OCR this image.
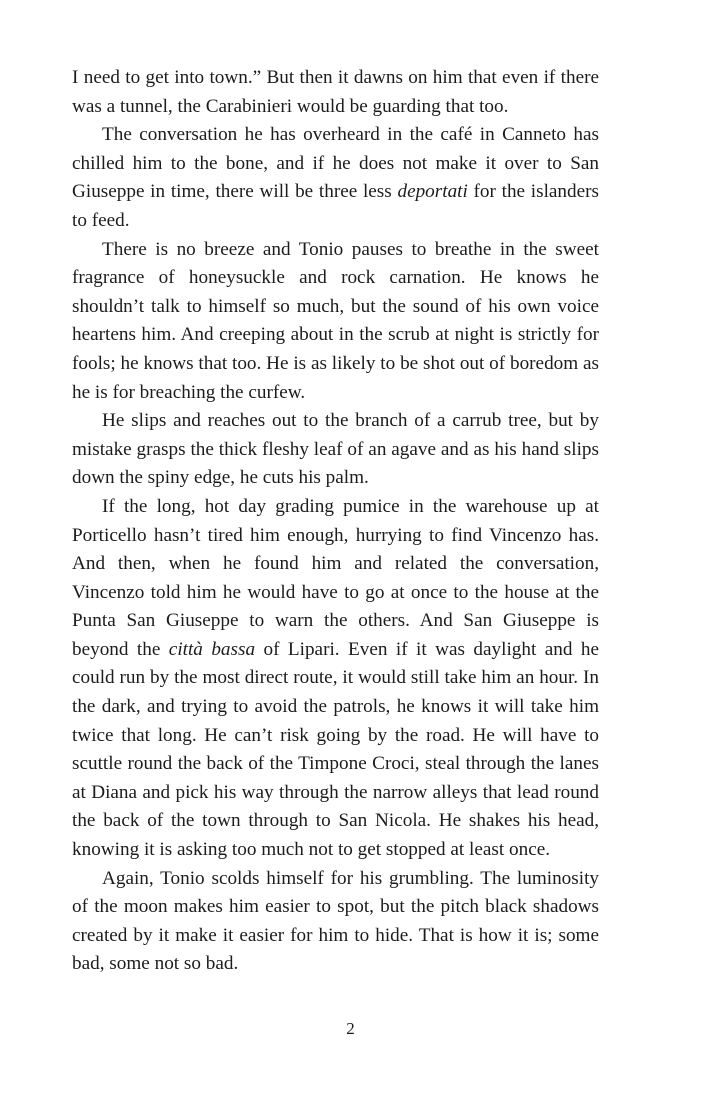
I need to get into town.” But then it dawns on him that even if there was a tunnel, the Carabinieri would be guarding that too.

The conversation he has overheard in the café in Canneto has chilled him to the bone, and if he does not make it over to San Giuseppe in time, there will be three less deportati for the islanders to feed.

There is no breeze and Tonio pauses to breathe in the sweet fragrance of honeysuckle and rock carnation. He knows he shouldn’t talk to himself so much, but the sound of his own voice heartens him. And creeping about in the scrub at night is strictly for fools; he knows that too. He is as likely to be shot out of boredom as he is for breaching the curfew.

He slips and reaches out to the branch of a carrub tree, but by mistake grasps the thick fleshy leaf of an agave and as his hand slips down the spiny edge, he cuts his palm.

If the long, hot day grading pumice in the warehouse up at Porticello hasn’t tired him enough, hurrying to find Vincenzo has. And then, when he found him and related the conversation, Vincenzo told him he would have to go at once to the house at the Punta San Giuseppe to warn the others. And San Giuseppe is beyond the città bassa of Lipari. Even if it was daylight and he could run by the most direct route, it would still take him an hour. In the dark, and trying to avoid the patrols, he knows it will take him twice that long. He can’t risk going by the road. He will have to scuttle round the back of the Timpone Croci, steal through the lanes at Diana and pick his way through the narrow alleys that lead round the back of the town through to San Nicola. He shakes his head, knowing it is asking too much not to get stopped at least once.

Again, Tonio scolds himself for his grumbling. The luminosity of the moon makes him easier to spot, but the pitch black shadows created by it make it easier for him to hide. That is how it is; some bad, some not so bad.

2
